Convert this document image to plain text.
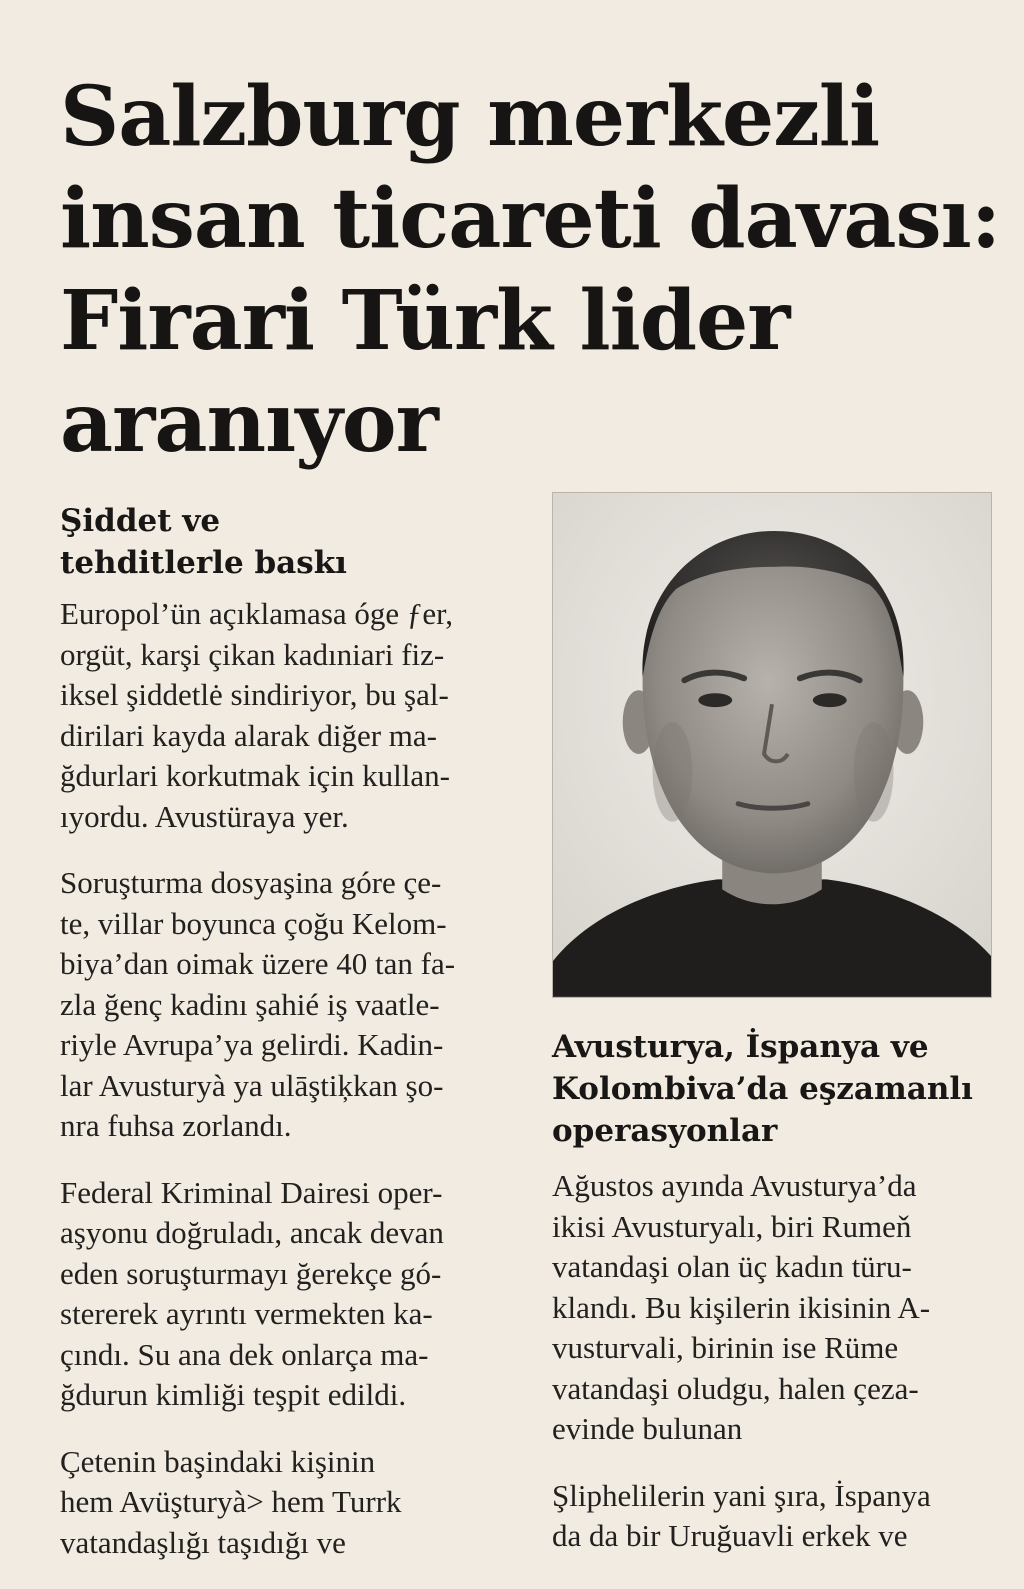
Salzburg merkezli
insan ticareti davası:
Firari Türk lider
aranıyor
Şiddet ve
tehditlerle baskı

Europol’ün açıklamasa óge ƒer,
orgüt, karşi çikan kadıniari fiz-
iksel şiddetlė sindiriyor, bu şal-
dirilari kayda alarak diğer ma-
ğdurlari korkutmak için kullan-
ıyordu. Avustüraya yer.

Soruşturma dosyaşina góre çe-
te, villar boyunca çoğu Kelom-
biya’dan oimak üzere 40 tan fa-
zla ğenç kadinı şahié iş vaatle-
riyle Avrupa’ya gelirdi. Kadin-
lar Avusturyà ya ulāştiķkan şo-
nra fuhsa zorlandı.

Federal Kriminal Dairesi oper-
aşyonu doğruladı, ancak devan
eden soruşturmayı ğerekçe gó-
stererek ayrıntı vermekten ka-
çındı. Su ana dek onlarça ma-
ğdurun kimliği teşpit edildi.

Çetenin başindaki kişinin
hem Avüşturyà> hem Turrk
vatandaşlığı taşıdığı ve

Avusturya, İspanya ve
Kolombiva’da eşzamanlı
operasyonlar

Ağustos ayında Avusturya’da
ikisi Avusturyalı, biri Rumeň
vatandaşi olan üç kadın türu-
klandı. Bu kişilerin ikisinin A-
vusturvali, birinin ise Rüme
vatandaşi oludgu, halen çeza-
evinde bulunan

Şliphelilerin yani şıra, İspanya
da da bir Uruğuavli erkek ve
